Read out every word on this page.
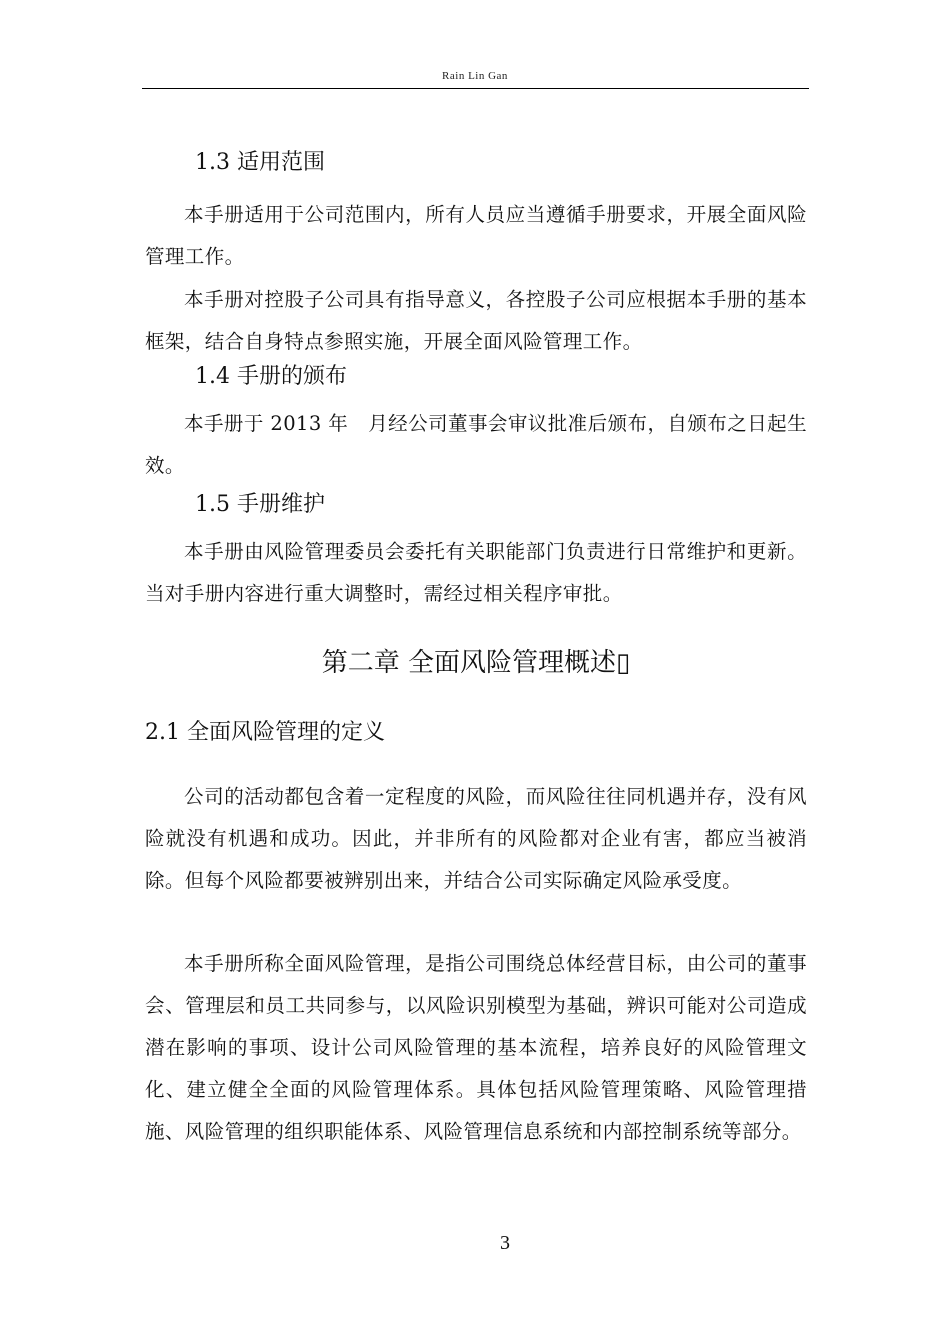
Rain Lin Gan
1.3 适用范围
本手册适用于公司范围内，所有人员应当遵循手册要求，开展全面风险管理工作。
本手册对控股子公司具有指导意义，各控股子公司应根据本手册的基本框架，结合自身特点参照实施，开展全面风险管理工作。
1.4 手册的颁布
本手册于 2013 年　月经公司董事会审议批准后颁布，自颁布之日起生效。
1.5 手册维护
本手册由风险管理委员会委托有关职能部门负责进行日常维护和更新。当对手册内容进行重大调整时，需经过相关程序审批。
第二章 全面风险管理概述▯
2.1 全面风险管理的定义
公司的活动都包含着一定程度的风险，而风险往往同机遇并存，没有风险就没有机遇和成功。因此，并非所有的风险都对企业有害，都应当被消除。但每个风险都要被辨别出来，并结合公司实际确定风险承受度。
本手册所称全面风险管理，是指公司围绕总体经营目标，由公司的董事会、管理层和员工共同参与，以风险识别模型为基础，辨识可能对公司造成潜在影响的事项、设计公司风险管理的基本流程，培养良好的风险管理文化、建立健全全面的风险管理体系。具体包括风险管理策略、风险管理措施、风险管理的组织职能体系、风险管理信息系统和内部控制系统等部分。
3
